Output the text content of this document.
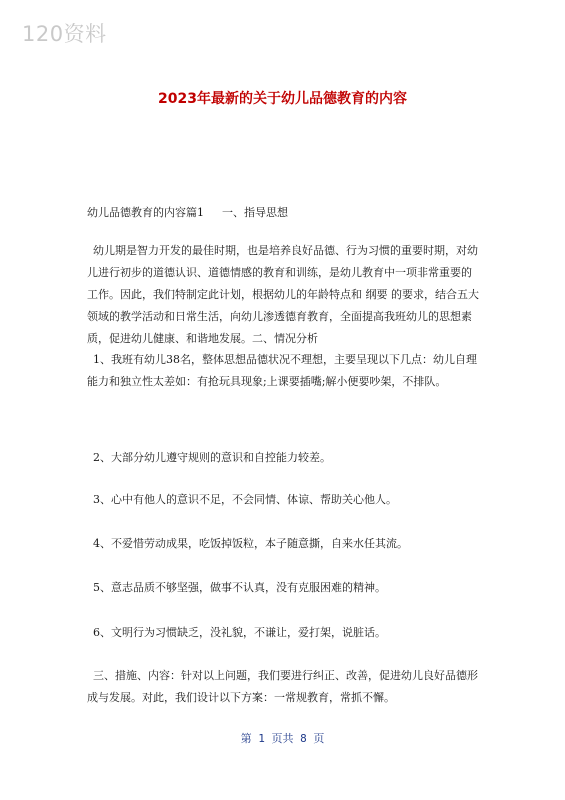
120资料
2023年最新的关于幼儿品德教育的内容
幼儿品德教育的内容篇1 一、指导思想

幼儿期是智力开发的最佳时期，也是培养良好品德、行为习惯的重要时期，对幼儿进行初步的道德认识、道德情感的教育和训练，是幼儿教育中一项非常重要的工作。因此，我们特制定此计划，根据幼儿的年龄特点和 纲要 的要求，结合五大领域的教学活动和日常生活，向幼儿渗透德育教育，全面提高我班幼儿的思想素质，促进幼儿健康、和谐地发展。二、情况分析

1、我班有幼儿38名，整体思想品德状况不理想，主要呈现以下几点：幼儿自理能力和独立性太差如：有抢玩具现象;上课要插嘴;解小便要吵架，不排队。

2、大部分幼儿遵守规则的意识和自控能力较差。

3、心中有他人的意识不足，不会同情、体谅、帮助关心他人。

4、不爱惜劳动成果，吃饭掉饭粒，本子随意撕，自来水任其流。

5、意志品质不够坚强，做事不认真，没有克服困难的精神。

6、文明行为习惯缺乏，没礼貌，不谦让，爱打架，说脏话。

三、措施、内容：针对以上问题，我们要进行纠正、改善，促进幼儿良好品德形成与发展。对此，我们设计以下方案：一常规教育，常抓不懈。

第 1 页共 8 页
